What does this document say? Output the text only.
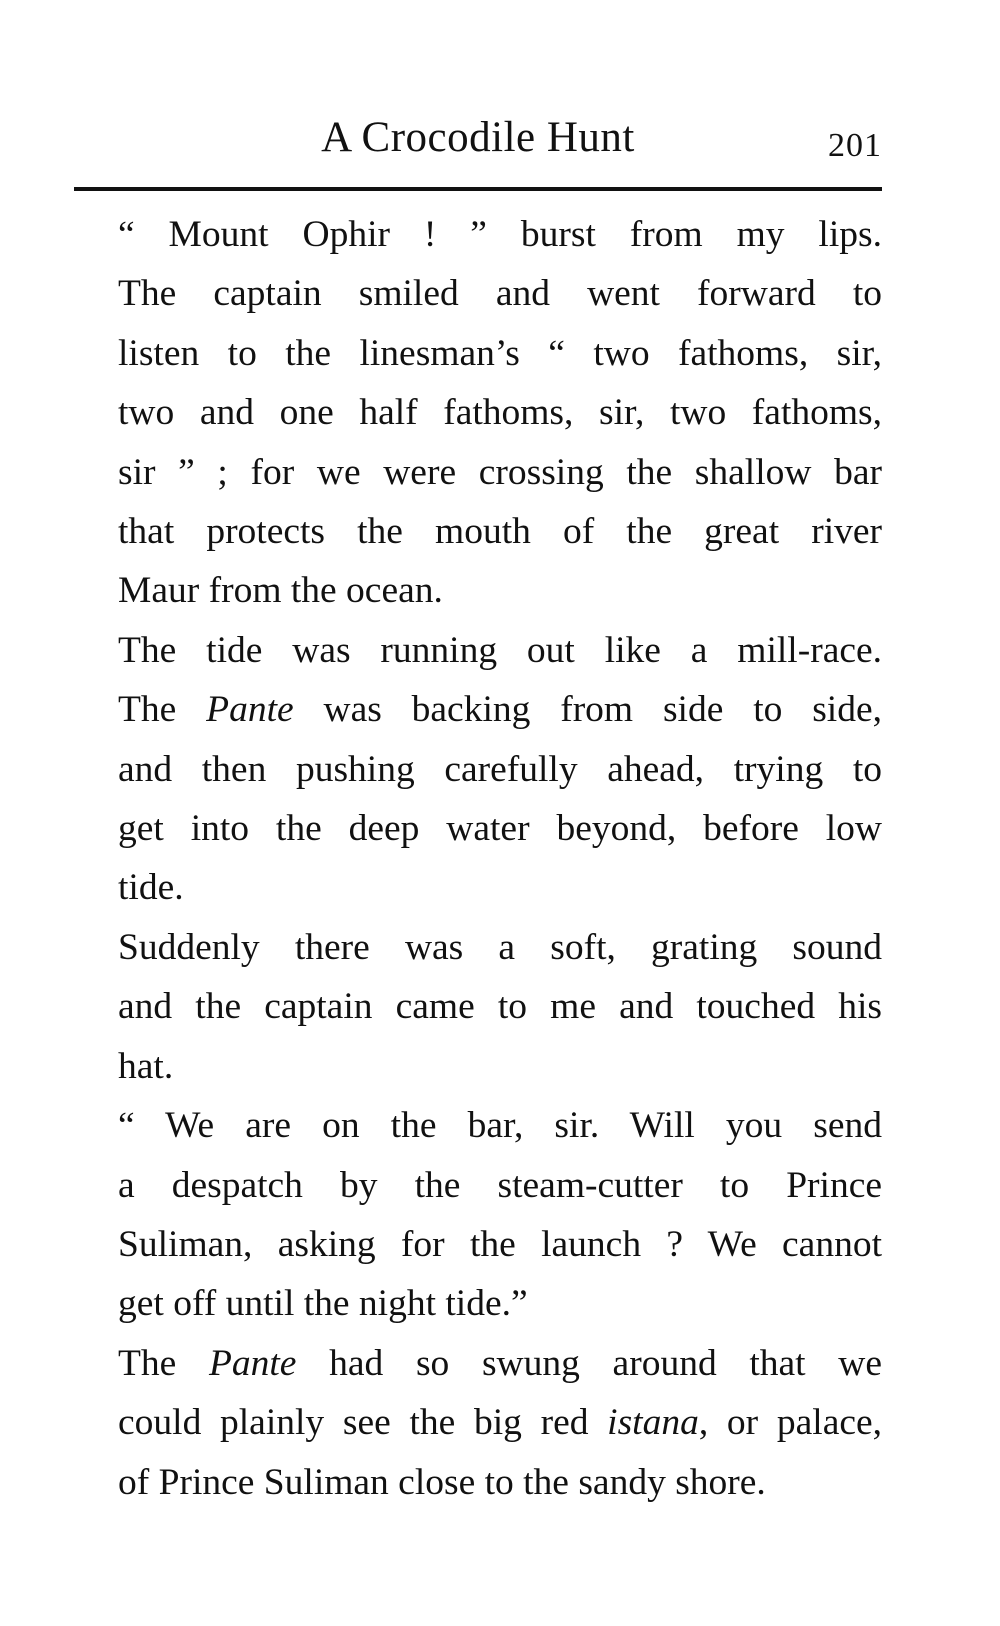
A Crocodile Hunt	201

“ Mount Ophir ! ” burst from my lips.
The captain smiled and went forward to
listen to the linesman’s “ two fathoms, sir,
two and one half fathoms, sir, two fathoms,
sir ” ; for we were crossing the shallow bar
that protects the mouth of the great river
Maur from the ocean.

The tide was running out like a mill-race.
The Pante was backing from side to side,
and then pushing carefully ahead, trying to
get into the deep water beyond, before low
tide.

Suddenly there was a soft, grating sound
and the captain came to me and touched his
hat.

“ We are on the bar, sir. Will you send
a despatch by the steam-cutter to Prince
Suliman, asking for the launch ? We cannot
get off until the night tide.”

The Pante had so swung around that we
could plainly see the big red istana, or palace,
of Prince Suliman close to the sandy shore.
